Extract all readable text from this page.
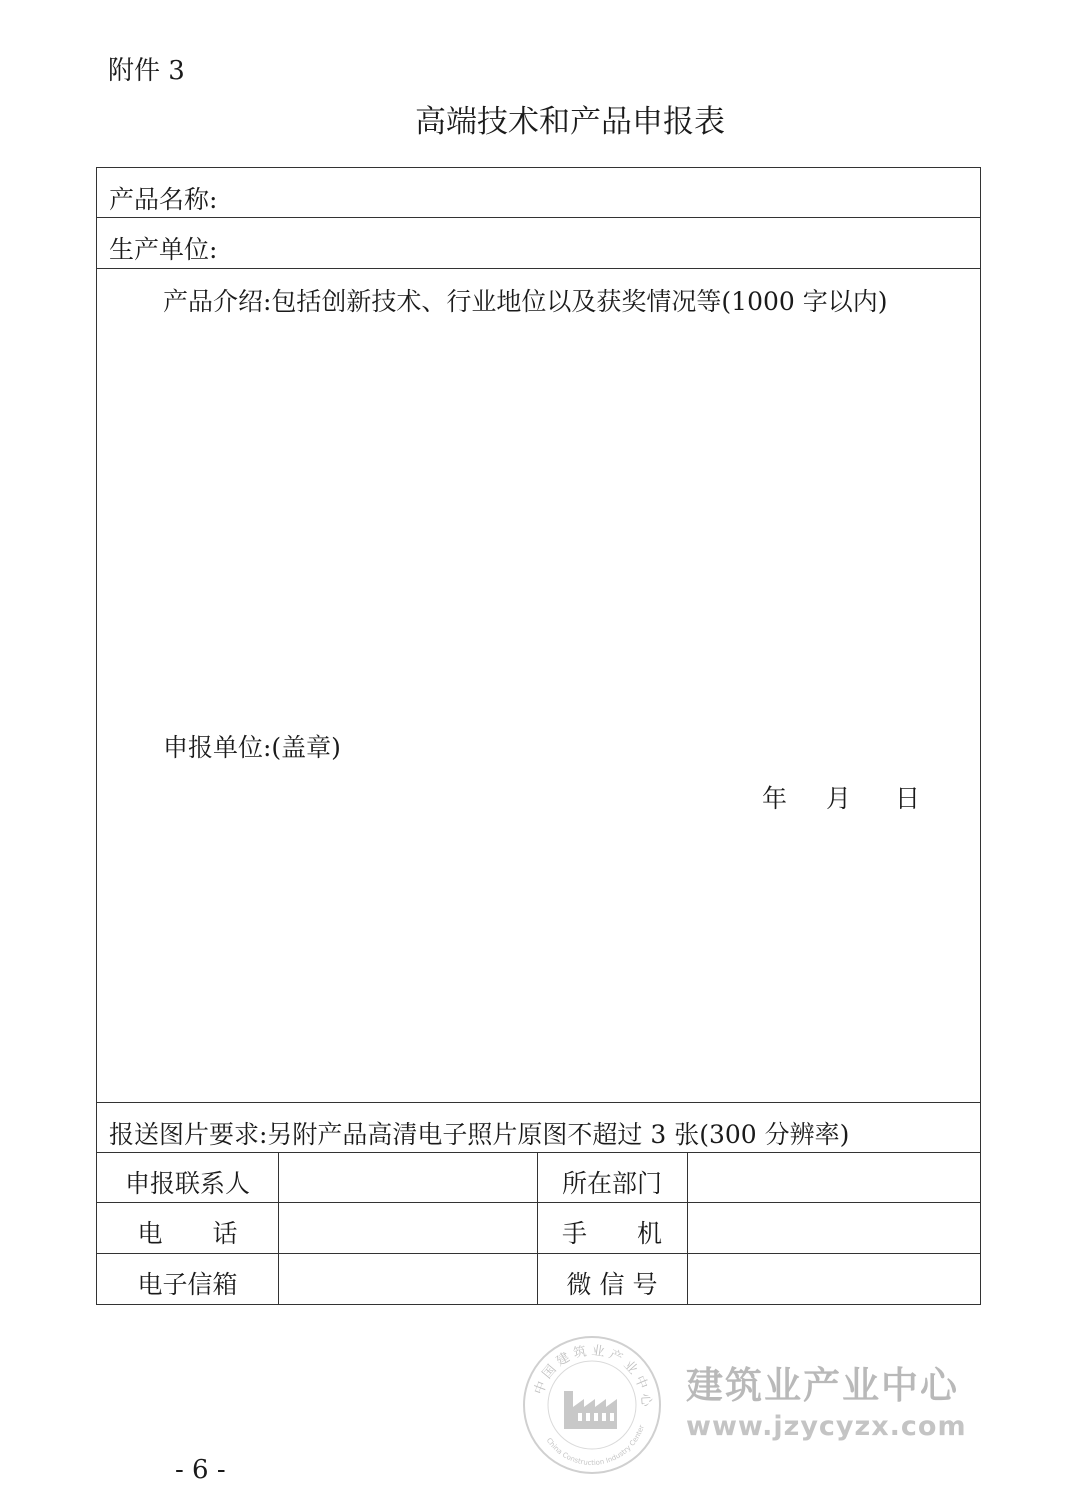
附件 3
高端技术和产品申报表
产品名称:
生产单位:
产品介绍:包括创新技术、行业地位以及获奖情况等(1000 字以内)
申报单位:(盖章)
年 月 日
报送图片要求:另附产品高清电子照片原图不超过 3 张(300 分辨率)
申报联系人	所在部门
电　　话	手　　机
电子信箱	微 信 号
中国建筑业产业中心
China Construction Industry Center
建筑业产业中心
www.jzycyzx.com
- 6 -
